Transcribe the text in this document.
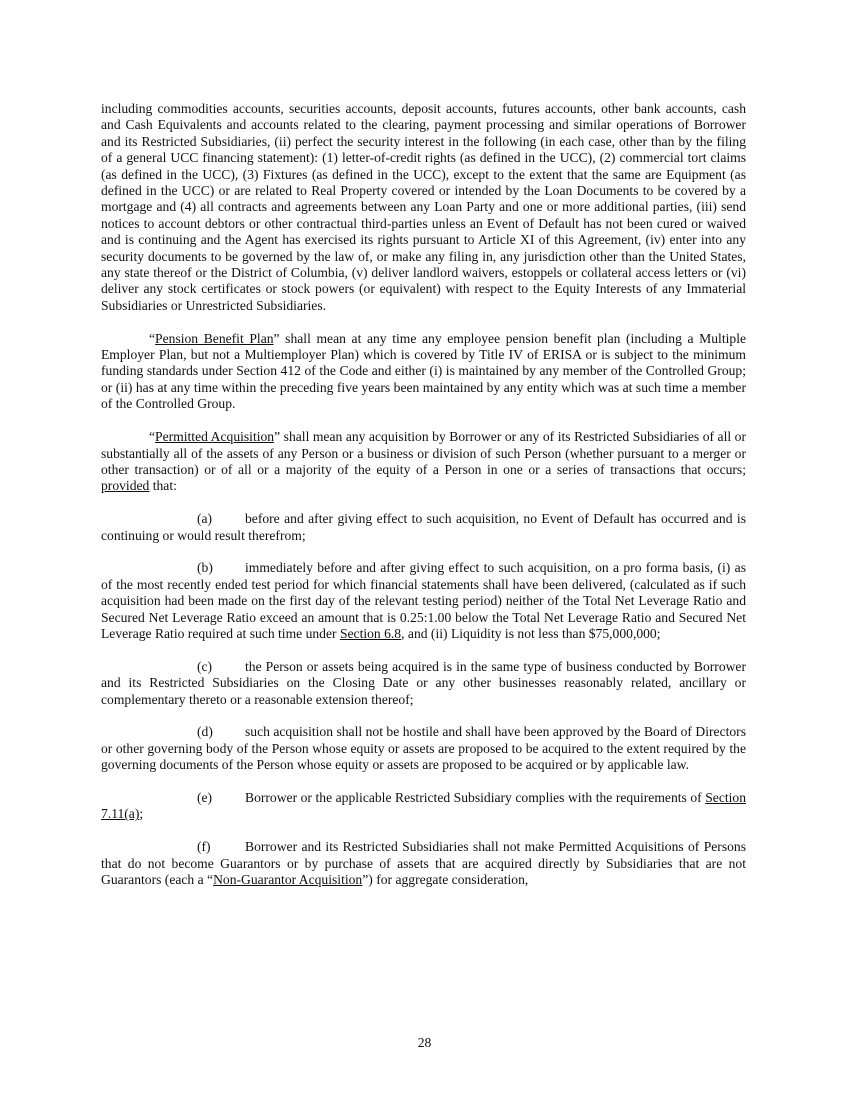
including commodities accounts, securities accounts, deposit accounts, futures accounts, other bank accounts, cash and Cash Equivalents and accounts related to the clearing, payment processing and similar operations of Borrower and its Restricted Subsidiaries, (ii) perfect the security interest in the following (in each case, other than by the filing of a general UCC financing statement): (1) letter-of-credit rights (as defined in the UCC), (2) commercial tort claims (as defined in the UCC), (3) Fixtures (as defined in the UCC), except to the extent that the same are Equipment (as defined in the UCC) or are related to Real Property covered or intended by the Loan Documents to be covered by a mortgage and (4) all contracts and agreements between any Loan Party and one or more additional parties, (iii) send notices to account debtors or other contractual third-parties unless an Event of Default has not been cured or waived and is continuing and the Agent has exercised its rights pursuant to Article XI of this Agreement, (iv) enter into any security documents to be governed by the law of, or make any filing in, any jurisdiction other than the United States, any state thereof or the District of Columbia, (v) deliver landlord waivers, estoppels or collateral access letters or (vi) deliver any stock certificates or stock powers (or equivalent) with respect to the Equity Interests of any Immaterial Subsidiaries or Unrestricted Subsidiaries.

“Pension Benefit Plan” shall mean at any time any employee pension benefit plan (including a Multiple Employer Plan, but not a Multiemployer Plan) which is covered by Title IV of ERISA or is subject to the minimum funding standards under Section 412 of the Code and either (i) is maintained by any member of the Controlled Group; or (ii) has at any time within the preceding five years been maintained by any entity which was at such time a member of the Controlled Group.

“Permitted Acquisition” shall mean any acquisition by Borrower or any of its Restricted Subsidiaries of all or substantially all of the assets of any Person or a business or division of such Person (whether pursuant to a merger or other transaction) or of all or a majority of the equity of a Person in one or a series of transactions that occurs; provided that:

(a) before and after giving effect to such acquisition, no Event of Default has occurred and is continuing or would result therefrom;

(b) immediately before and after giving effect to such acquisition, on a pro forma basis, (i) as of the most recently ended test period for which financial statements shall have been delivered, (calculated as if such acquisition had been made on the first day of the relevant testing period) neither of the Total Net Leverage Ratio and Secured Net Leverage Ratio exceed an amount that is 0.25:1.00 below the Total Net Leverage Ratio and Secured Net Leverage Ratio required at such time under Section 6.8, and (ii) Liquidity is not less than $75,000,000;

(c) the Person or assets being acquired is in the same type of business conducted by Borrower and its Restricted Subsidiaries on the Closing Date or any other businesses reasonably related, ancillary or complementary thereto or a reasonable extension thereof;

(d) such acquisition shall not be hostile and shall have been approved by the Board of Directors or other governing body of the Person whose equity or assets are proposed to be acquired to the extent required by the governing documents of the Person whose equity or assets are proposed to be acquired or by applicable law.

(e) Borrower or the applicable Restricted Subsidiary complies with the requirements of Section 7.11(a);

(f)	Borrower and its Restricted Subsidiaries shall not make Permitted Acquisitions of Persons that do not become Guarantors or by purchase of assets that are acquired directly by Subsidiaries that are not Guarantors (each a “Non-Guarantor Acquisition”) for aggregate consideration,

28
